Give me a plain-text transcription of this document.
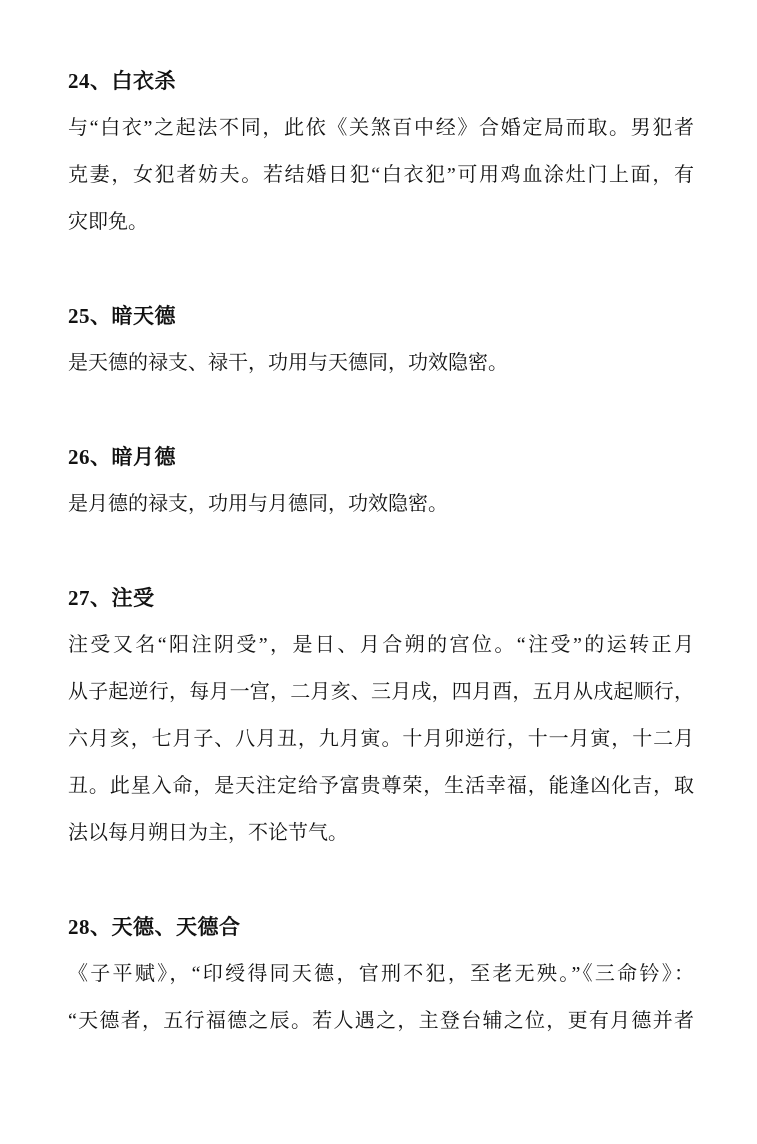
24、白衣杀

与“白衣”之起法不同，此依《关煞百中经》合婚定局而取。男犯者

克妻，女犯者妨夫。若结婚日犯“白衣犯”可用鸡血涂灶门上面，有

灾即免。

25、暗天德

是天德的禄支、禄干，功用与天德同，功效隐密。

26、暗月德

是月德的禄支，功用与月德同，功效隐密。

27、注受

注受又名“阳注阴受”，是日、月合朔的宫位。“注受”的运转正月

从子起逆行，每月一宫，二月亥、三月戌，四月酉，五月从戌起顺行，

六月亥，七月子、八月丑，九月寅。十月卯逆行，十一月寅，十二月

丑。此星入命，是天注定给予富贵尊荣，生活幸福，能逢凶化吉，取

法以每月朔日为主，不论节气。

28、天德、天德合

《子平赋》，“印绶得同天德，官刑不犯，至老无殃。”《三命钤》：

“天德者，五行福德之辰。若人遇之，主登台辅之位，更有月德并者
